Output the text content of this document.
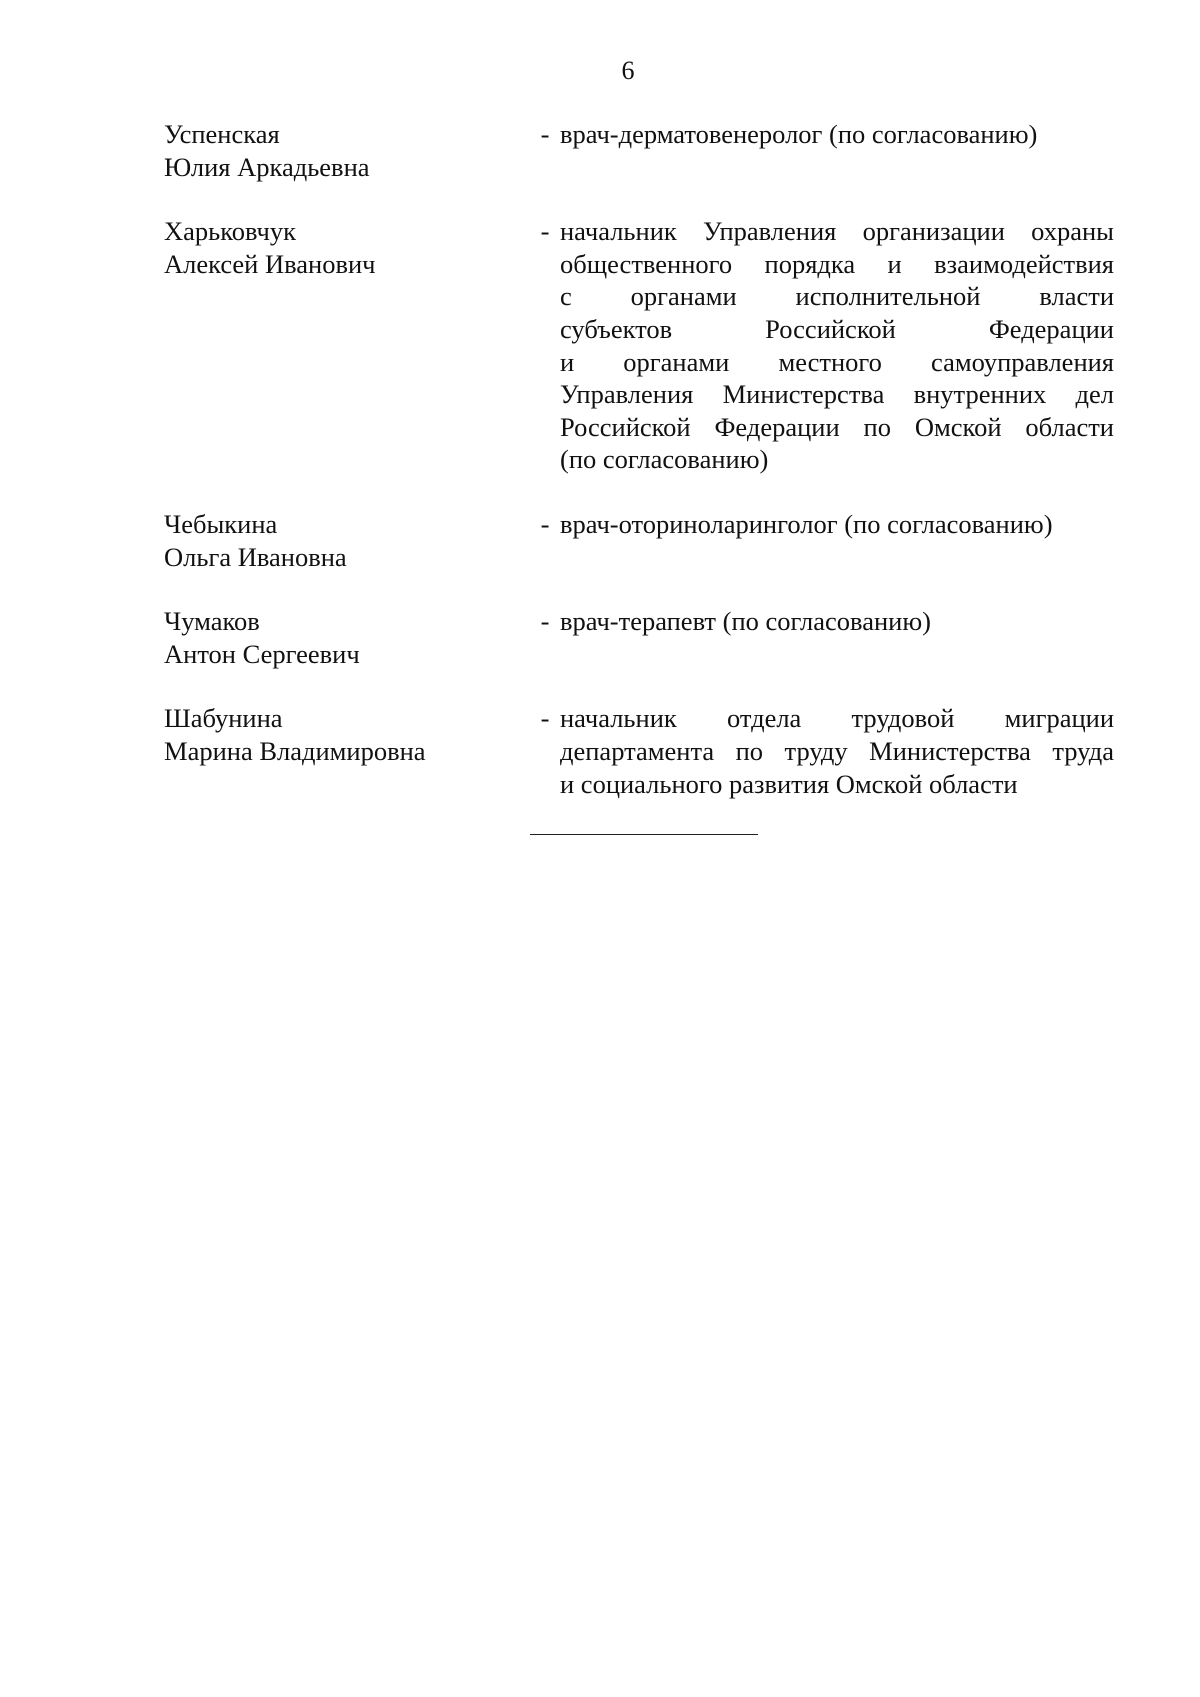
6
Успенская
Юлия Аркадьевна
- врач-дерматовенеролог (по согласованию)
Харьковчук
Алексей Иванович
- начальник Управления организации охраны
общественного порядка и взаимодействия
с органами исполнительной власти
субъектов Российской Федерации
и органами местного самоуправления
Управления Министерства внутренних дел
Российской Федерации по Омской области
(по согласованию)
Чебыкина
Ольга Ивановна
- врач-оториноларинголог (по согласованию)
Чумаков
Антон Сергеевич
- врач-терапевт (по согласованию)
Шабунина
Марина Владимировна
- начальник отдела трудовой миграции
департамента по труду Министерства труда
и социального развития Омской области
